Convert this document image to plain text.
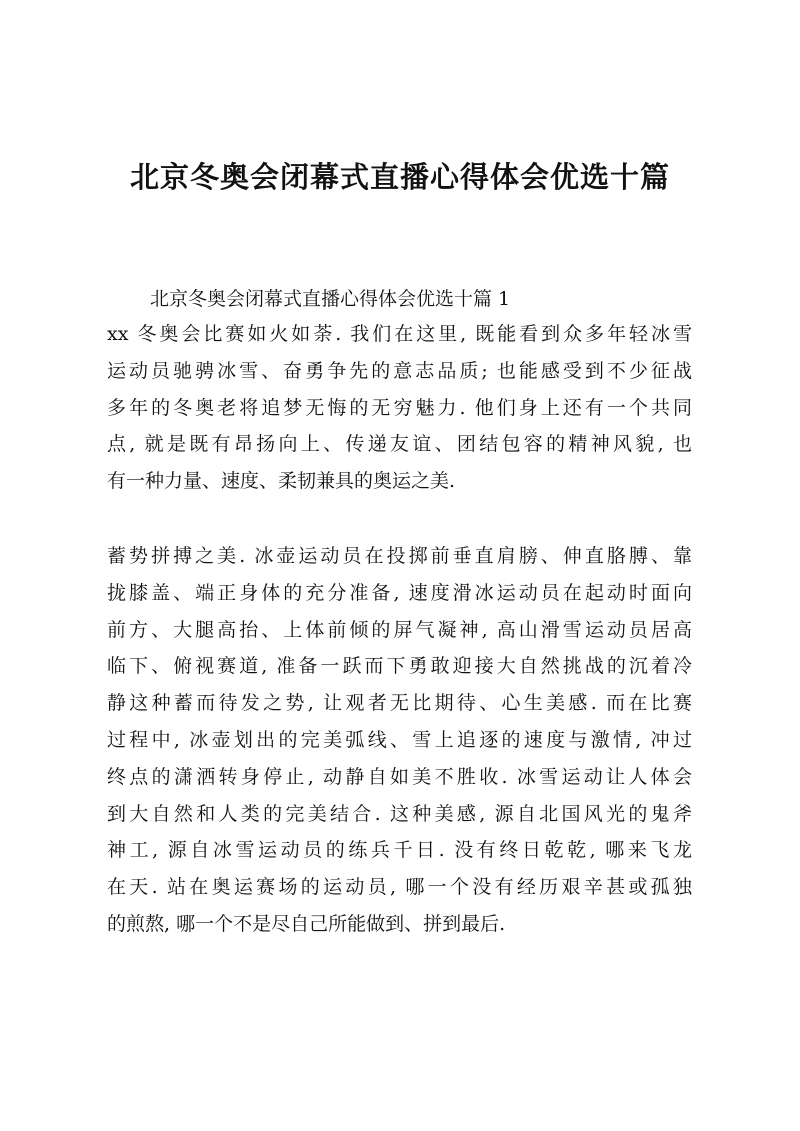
北京冬奥会闭幕式直播心得体会优选十篇
北京冬奥会闭幕式直播心得体会优选十篇 1
xx 冬奥会比赛如火如荼. 我们在这里, 既能看到众多年轻冰雪
运动员驰骋冰雪、奋勇争先的意志品质; 也能感受到不少征战
多年的冬奥老将追梦无悔的无穷魅力. 他们身上还有一个共同
点, 就是既有昂扬向上、传递友谊、团结包容的精神风貌, 也
有一种力量、速度、柔韧兼具的奥运之美.
蓄势拼搏之美. 冰壶运动员在投掷前垂直肩膀、伸直胳膊、靠
拢膝盖、端正身体的充分准备, 速度滑冰运动员在起动时面向
前方、大腿高抬、上体前倾的屏气凝神, 高山滑雪运动员居高
临下、俯视赛道, 准备一跃而下勇敢迎接大自然挑战的沉着冷
静这种蓄而待发之势, 让观者无比期待、心生美感. 而在比赛
过程中, 冰壶划出的完美弧线、雪上追逐的速度与激情, 冲过
终点的潇洒转身停止, 动静自如美不胜收. 冰雪运动让人体会
到大自然和人类的完美结合. 这种美感, 源自北国风光的鬼斧
神工, 源自冰雪运动员的练兵千日. 没有终日乾乾, 哪来飞龙
在天. 站在奥运赛场的运动员, 哪一个没有经历艰辛甚或孤独
的煎熬, 哪一个不是尽自己所能做到、拼到最后.
